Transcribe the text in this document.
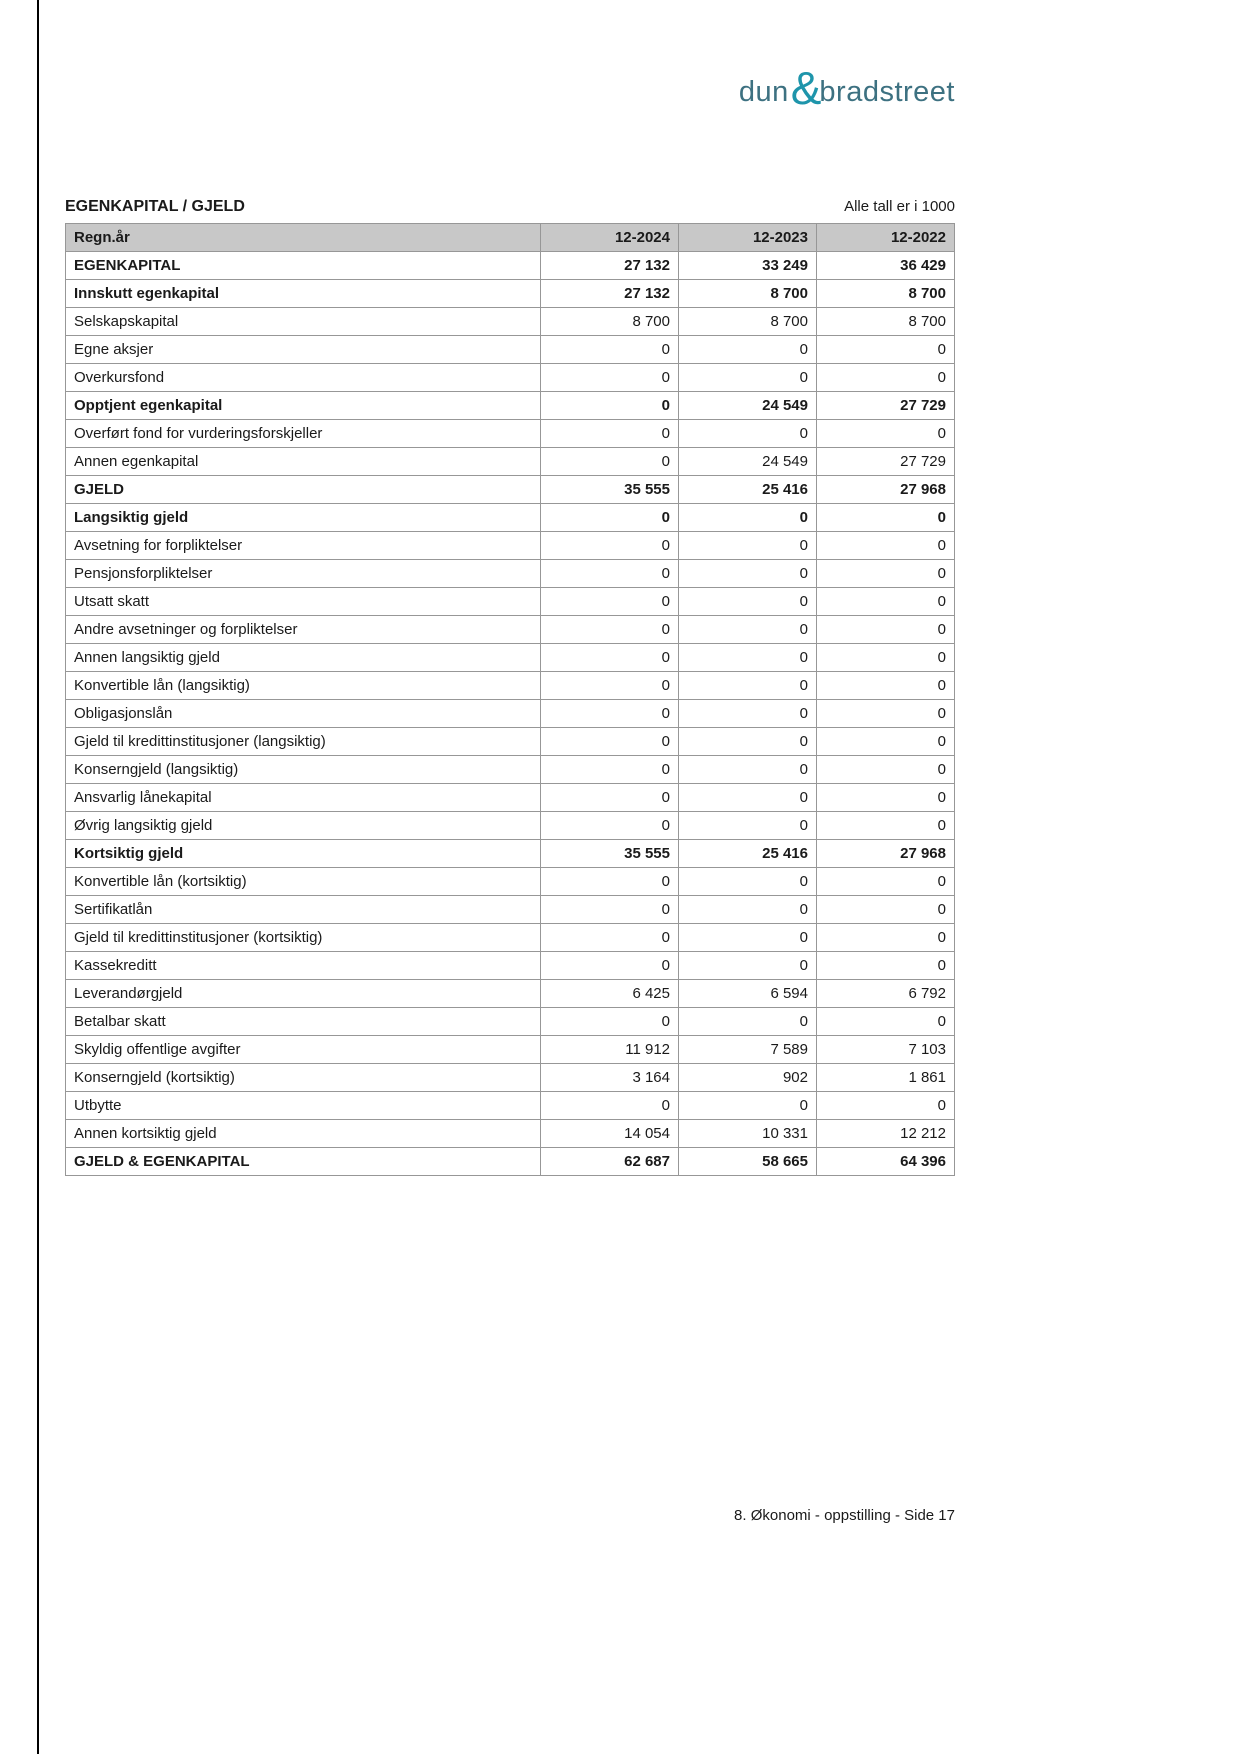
dun &
bradstreet
EGENKAPITAL / GJELD	Alle tall er i 1000
Regn.år	12-2024	12-2023	12-2022
EGENKAPITAL	27 132	33 249	36 429
Innskutt egenkapital	27 132	8 700	8 700
Selskapskapital	8 700	8 700	8 700
Egne aksjer	0	0	0
Overkursfond	0	0	0
Opptjent egenkapital	0	24 549	27 729
Overført fond for vurderingsforskjeller	0	0	0
Annen egenkapital	0	24 549	27 729
GJELD	35 555	25 416	27 968
Langsiktig gjeld	0	0	0
Avsetning for forpliktelser	0	0	0
Pensjonsforpliktelser	0	0	0
Utsatt skatt	0	0	0
Andre avsetninger og forpliktelser	0	0	0
Annen langsiktig gjeld	0	0	0
Konvertible lån (langsiktig)	0	0	0
Obligasjonslån	0	0	0
Gjeld til kredittinstitusjoner (langsiktig)	0	0	0
Konserngjeld (langsiktig)	0	0	0
Ansvarlig lånekapital	0	0	0
Øvrig langsiktig gjeld	0	0	0
Kortsiktig gjeld	35 555	25 416	27 968
Konvertible lån (kortsiktig)	0	0	0
Sertifikatlån	0	0	0
Gjeld til kredittinstitusjoner (kortsiktig)	0	0	0
Kassekreditt	0	0	0
Leverandørgjeld	6 425	6 594	6 792
Betalbar skatt	0	0	0
Skyldig offentlige avgifter	11 912	7 589	7 103
Konserngjeld (kortsiktig)	3 164	902	1 861
Utbytte	0	0	0
Annen kortsiktig gjeld	14 054	10 331	12 212
GJELD & EGENKAPITAL	62 687	58 665	64 396
8. Økonomi - oppstilling - Side 17
